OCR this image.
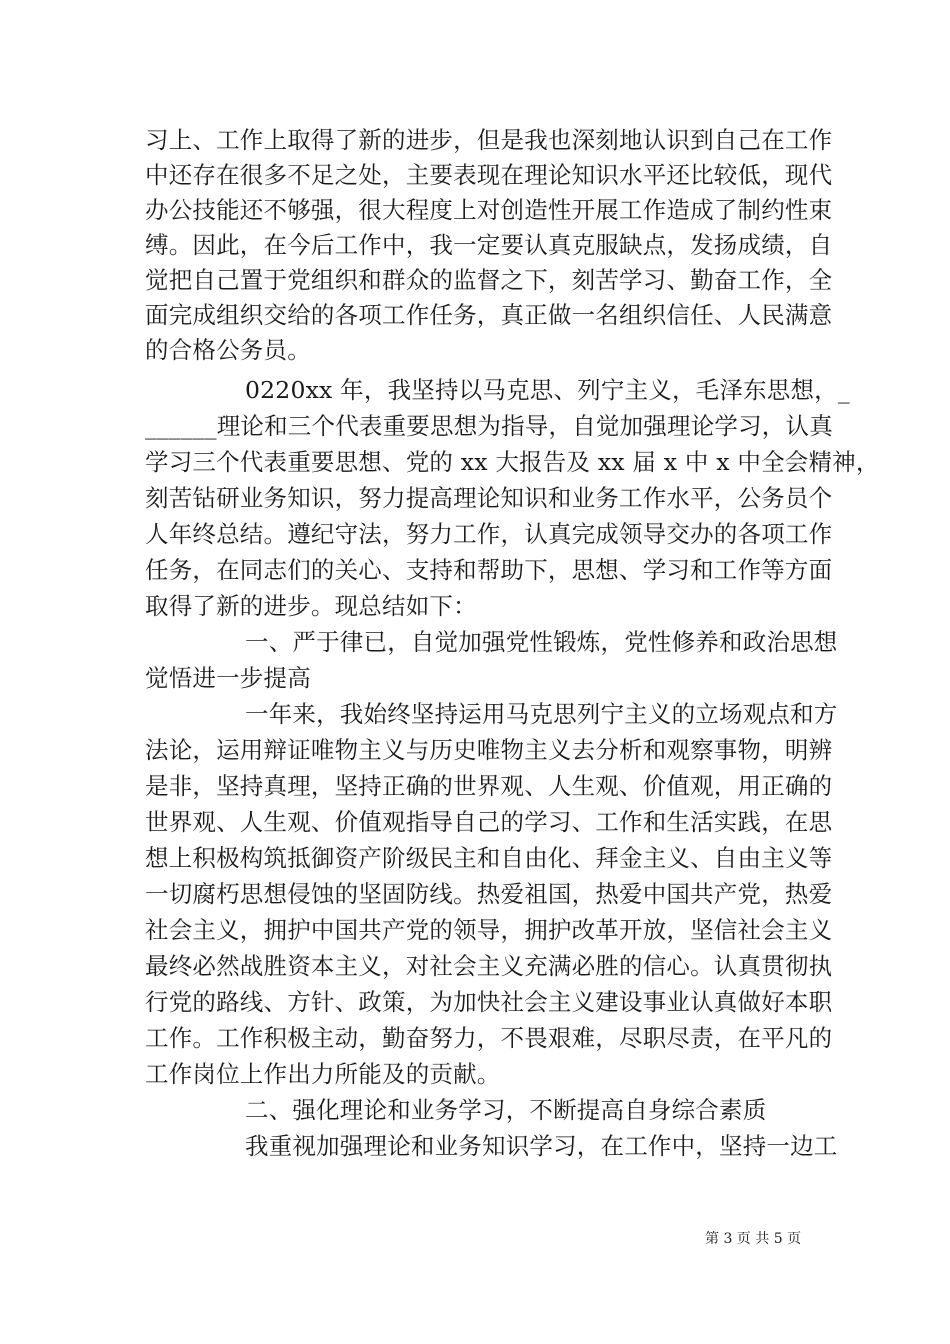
习上、工作上取得了新的进步，但是我也深刻地认识到自己在工作
中还存在很多不足之处，主要表现在理论知识水平还比较低，现代
办公技能还不够强，很大程度上对创造性开展工作造成了制约性束
缚。因此，在今后工作中，我一定要认真克服缺点，发扬成绩，自
觉把自己置于党组织和群众的监督之下，刻苦学习、勤奋工作，全
面完成组织交给的各项工作任务，真正做一名组织信任、人民满意
的合格公务员。
0220xx 年，我坚持以马克思、列宁主义，毛泽东思想，_
______理论和三个代表重要思想为指导，自觉加强理论学习，认真
学习三个代表重要思想、党的 xx 大报告及 xx 届 x 中 x 中全会精神，
刻苦钻研业务知识，努力提高理论知识和业务工作水平，公务员个
人年终总结。遵纪守法，努力工作，认真完成领导交办的各项工作
任务，在同志们的关心、支持和帮助下，思想、学习和工作等方面
取得了新的进步。现总结如下：
一、严于律已，自觉加强党性锻炼，党性修养和政治思想
觉悟进一步提高
一年来，我始终坚持运用马克思列宁主义的立场观点和方
法论，运用辩证唯物主义与历史唯物主义去分析和观察事物，明辨
是非，坚持真理，坚持正确的世界观、人生观、价值观，用正确的
世界观、人生观、价值观指导自己的学习、工作和生活实践，在思
想上积极构筑抵御资产阶级民主和自由化、拜金主义、自由主义等
一切腐朽思想侵蚀的坚固防线。热爱祖国，热爱中国共产党，热爱
社会主义，拥护中国共产党的领导，拥护改革开放，坚信社会主义
最终必然战胜资本主义，对社会主义充满必胜的信心。认真贯彻执
行党的路线、方针、政策，为加快社会主义建设事业认真做好本职
工作。工作积极主动，勤奋努力，不畏艰难，尽职尽责，在平凡的
工作岗位上作出力所能及的贡献。
二、强化理论和业务学习，不断提高自身综合素质
我重视加强理论和业务知识学习，在工作中，坚持一边工
第 3 页 共 5 页
